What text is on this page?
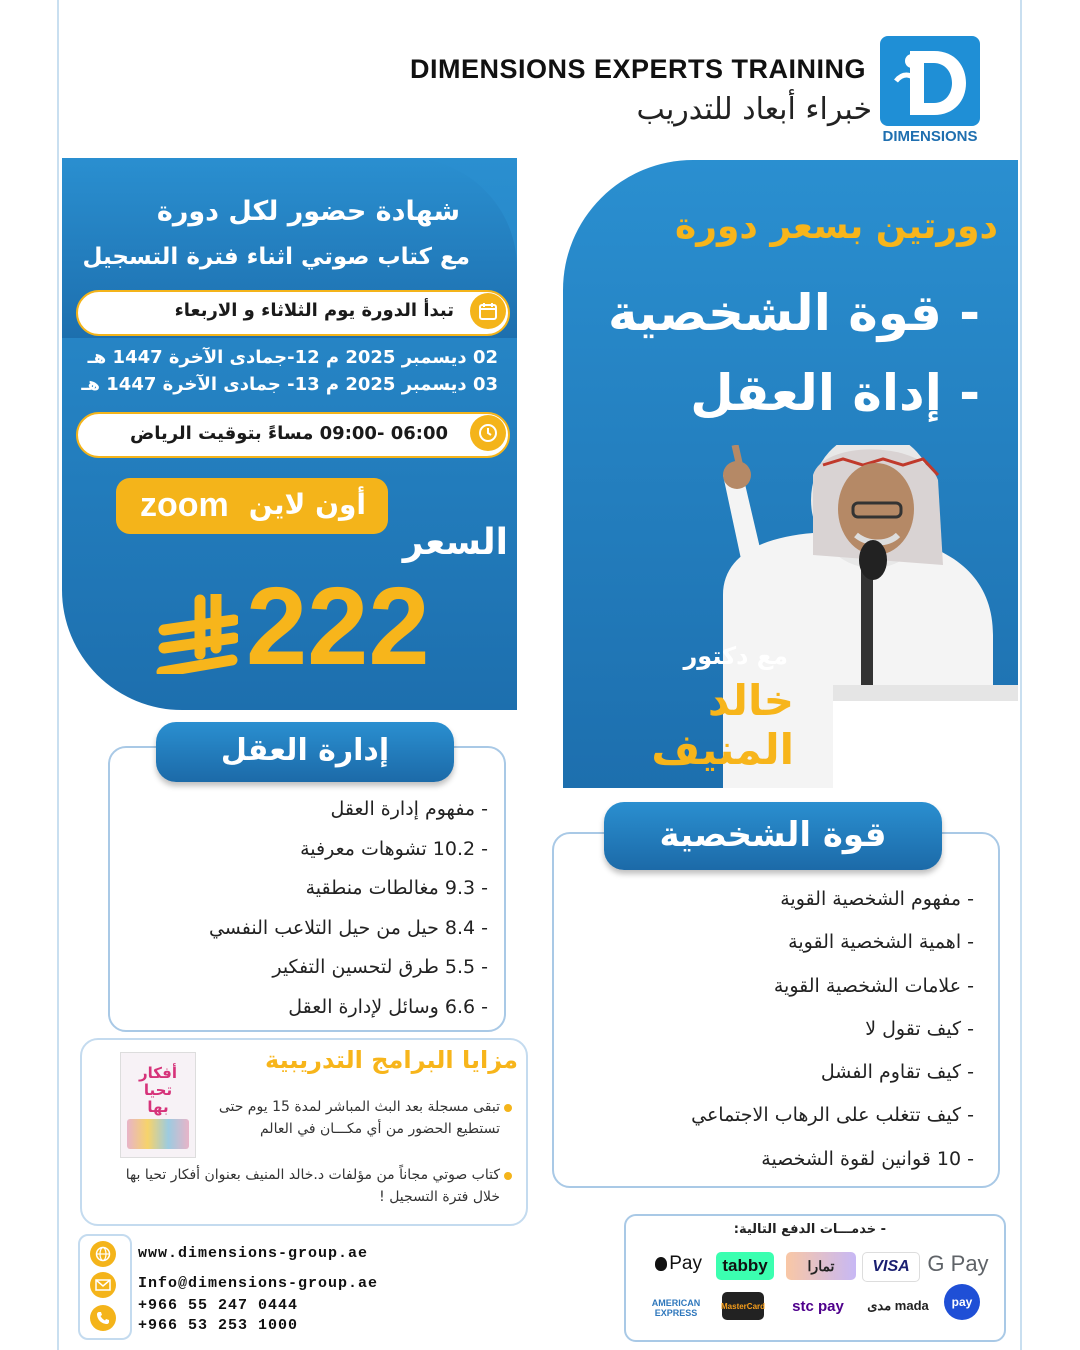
DIMENSIONS EXPERTS TRAINING
خبراء أبعاد للتدريب
DIMENSIONS
شهادة حضور لكل دورة
مع كتاب صوتي اثناء فترة التسجيل
تبدأ الدورة يوم الثلاثاء و الاربعاء
02 ديسمبر 2025 م 12-جمادى الآخرة 1447 هـ
03 ديسمبر 2025 م 13- جمادى الآخرة 1447 هـ
06:00 -09:00 مساءً بتوقيت الرياض
zoom أون لاين
السعر
222
دورتين بسعر دورة
- قوة الشخصية
- إداة العقل
مع دكتور
خالد المنيف
إدارة العقل
- مفهوم إدارة العقل
- 10.2 تشوهات معرفية
- 9.3 مغالطات منطقية
- 8.4 حيل من حيل التلاعب النفسي
- 5.5 طرق لتحسين التفكير
- 6.6 وسائل لإدارة العقل
قوة الشخصية
- مفهوم الشخصية القوية
- اهمية الشخصية القوية
- علامات الشخصية القوية
- كيف تقول لا
- كيف تقاوم الفشل
- كيف تتغلب على الرهاب الاجتماعي
- 10 قوانين لقوة الشخصية
مزايا البرامج التدريبية
أفكار
تحيا
بها	تبقى مسجلة بعد البث المباشر لمدة 15 يوم حتى تستطيع الحضور من أي مكـــان في العالم
كتاب صوتي مجاناً من مؤلفات د.خالد المنيف بعنوان أفكار تحيا بها خلال فترة التسجيل !
www.dimensions-group.ae
Info@dimensions-group.ae
+966 55 247 0444
+966 53 253 1000
- خدمـــات الدفع التالية:
G Pay
VISA
تمارا
tabby
Pay
pay
مدى mada
stc pay
MasterCard
AMERICAN EXPRESS
